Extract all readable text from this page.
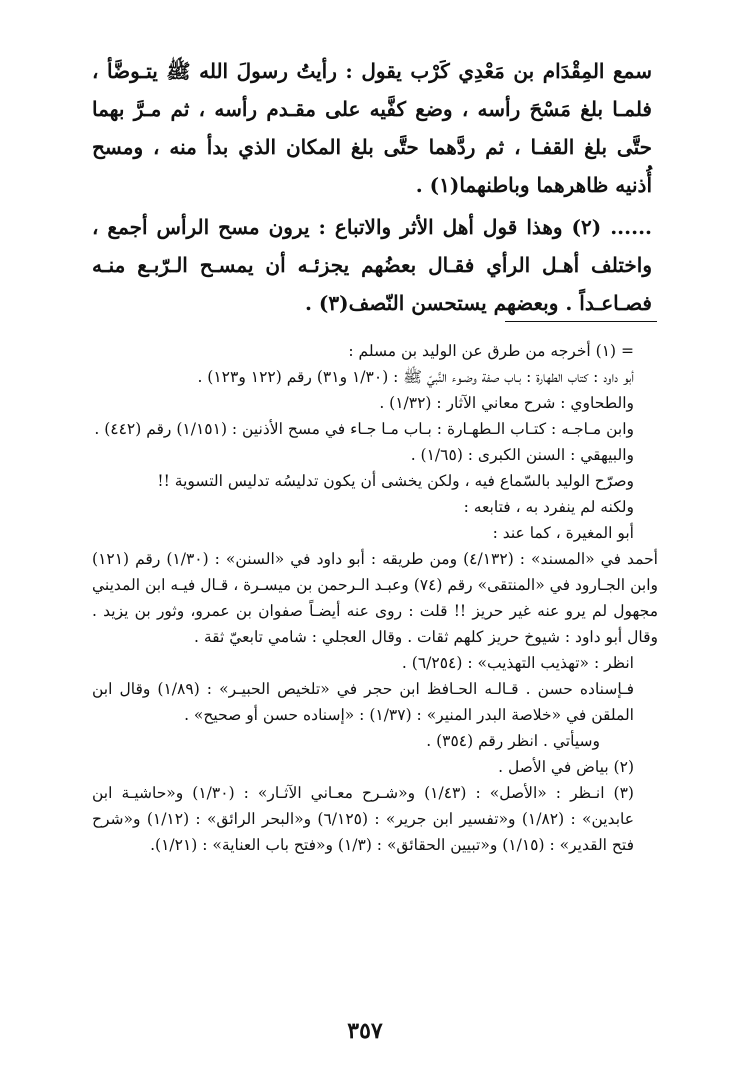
سمع المِقْدَام بن مَعْدِي كَرْب يقول : رأيتُ رسولَ الله ﷺ يتـوضَّأ ، فلمـا بلغ مَسْحَ رأسه ، وضع كفَّيه على مقـدم رأسه ، ثم مـرَّ بهما حتَّى بلغ القفـا ، ثم ردَّهما حتَّى بلغ المكان الذي بدأ منه ، ومسح أُذنيه ظاهرهما وباطنهما(١) .

...... (٢) وهذا قول أهل الأثر والاتباع : يرون مسح الرأس أجمع ، واختلف أهـل الرأي فقـال بعضُهم يجزئـه أن يمسـح الـرّبـع منـه فصـاعـداً . وبعضهم يستحسن النّصف(٣) .

= (١) أخرجه من طرق عن الوليد بن مسلم :

أبو داود : كتاب الطهارة : بـاب صفة وضـوء النَّبيّ ﷺ : (١/٣٠ و٣١) رقم (١٢٢ و١٢٣) .

والطحاوي : شرح معاني الآثار : (١/٣٢) .

وابن مـاجـه : كتـاب الـطهـارة : بـاب مـا جـاء في مسح الأذنين : (١/١٥١) رقم (٤٤٢) .

والبيهقي : السنن الكبرى : (١/٦٥) .

وصرّح الوليد بالسّماع فيه ، ولكن يخشى أن يكون تدليسُه تدليس التسوية !!

ولكنه لم ينفرد به ، فتابعه :

أبو المغيرة ، كما عند :

أحمد في «المسند» : (٤/١٣٢) ومن طريقه : أبو داود في «السنن» : (١/٣٠) رقم (١٢١) وابن الجـارود في «المنتقى» رقم (٧٤) وعبـد الـرحمن بن ميسـرة ، قـال فيـه ابن المديني مجهول لم يرو عنه غير حريز !! قلت : روى عنه أيضـاً صفوان بن عمرو، وثور بن يزيد . وقال أبو داود : شيوخ حريز كلهم ثقات . وقال العجلي : شامي تابعيّ ثقة .

انظر : «تهذيب التهذيب» : (٦/٢٥٤) .

فـإسناده حسن . قـالـه الحـافظ ابن حجر في «تلخيص الحبيـر» : (١/٨٩) وقال ابن الملقن في «خلاصة البدر المنير» : (١/٣٧) : «إسناده حسن أو صحيح» .

وسيأتي . انظر رقم (٣٥٤) .

(٢) بياض في الأصل .

(٣) انـظر : «الأصل» : (١/٤٣) و«شـرح معـاني الآثـار» : (١/٣٠) و«حاشيـة ابن عابدين» : (١/٨٢) و«تفسير ابن جرير» : (٦/١٢٥) و«البحر الرائق» : (١/١٢) و«شرح فتح القدير» : (١/١٥) و«تبيين الحقائق» : (١/٣) و«فتح باب العناية» : (١/٢١).

٣٥٧
